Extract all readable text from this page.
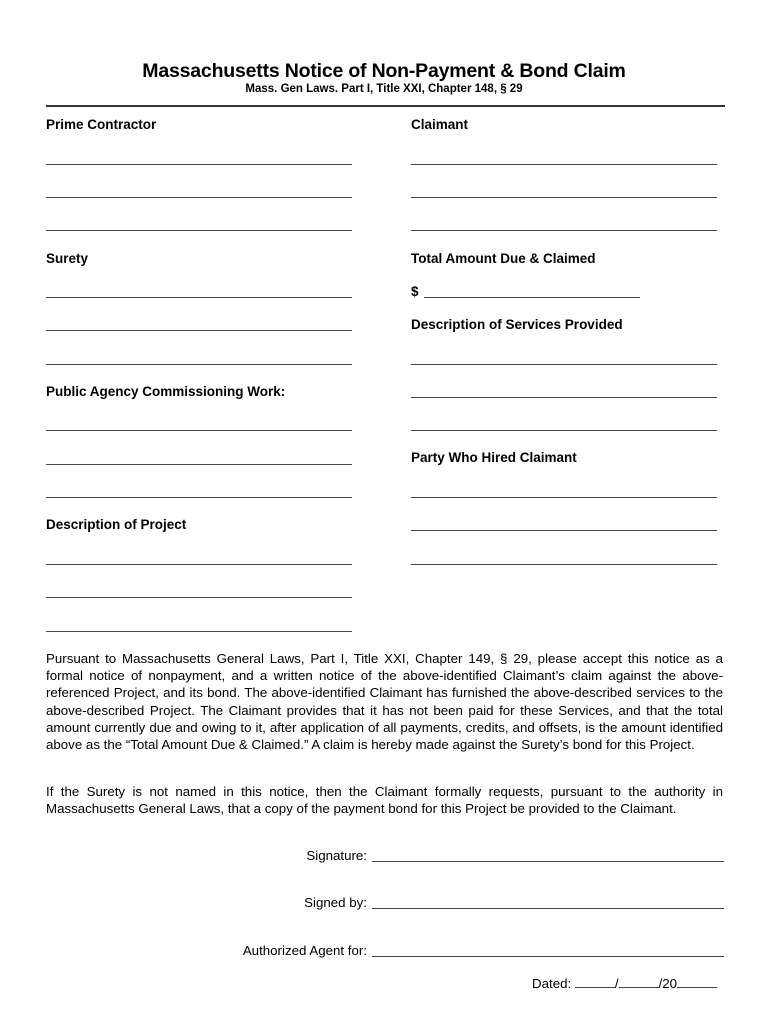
Massachusetts Notice of Non-Payment & Bond Claim
Mass. Gen Laws. Part I, Title XXI, Chapter 148, § 29
Prime Contractor
Surety
Public Agency Commissioning Work:
Description of Project
Claimant
Total Amount Due & Claimed
$
Description of Services Provided
Party Who Hired Claimant
Pursuant to Massachusetts General Laws, Part I, Title XXI, Chapter 149, § 29, please accept this notice as a formal notice of nonpayment, and a written notice of the above-identified Claimant’s claim against the above-referenced Project, and its bond. The above-identified Claimant has furnished the above-described services to the above-described Project. The Claimant provides that it has not been paid for these Services, and that the total amount currently due and owing to it, after application of all payments, credits, and offsets, is the amount identified above as the “Total Amount Due & Claimed.” A claim is hereby made against the Surety’s bond for this Project.
If the Surety is not named in this notice, then the Claimant formally requests, pursuant to the authority in Massachusetts General Laws, that a copy of the payment bond for this Project be provided to the Claimant.
Signature:
Signed by:
Authorized Agent for:
Dated:	/	/20
